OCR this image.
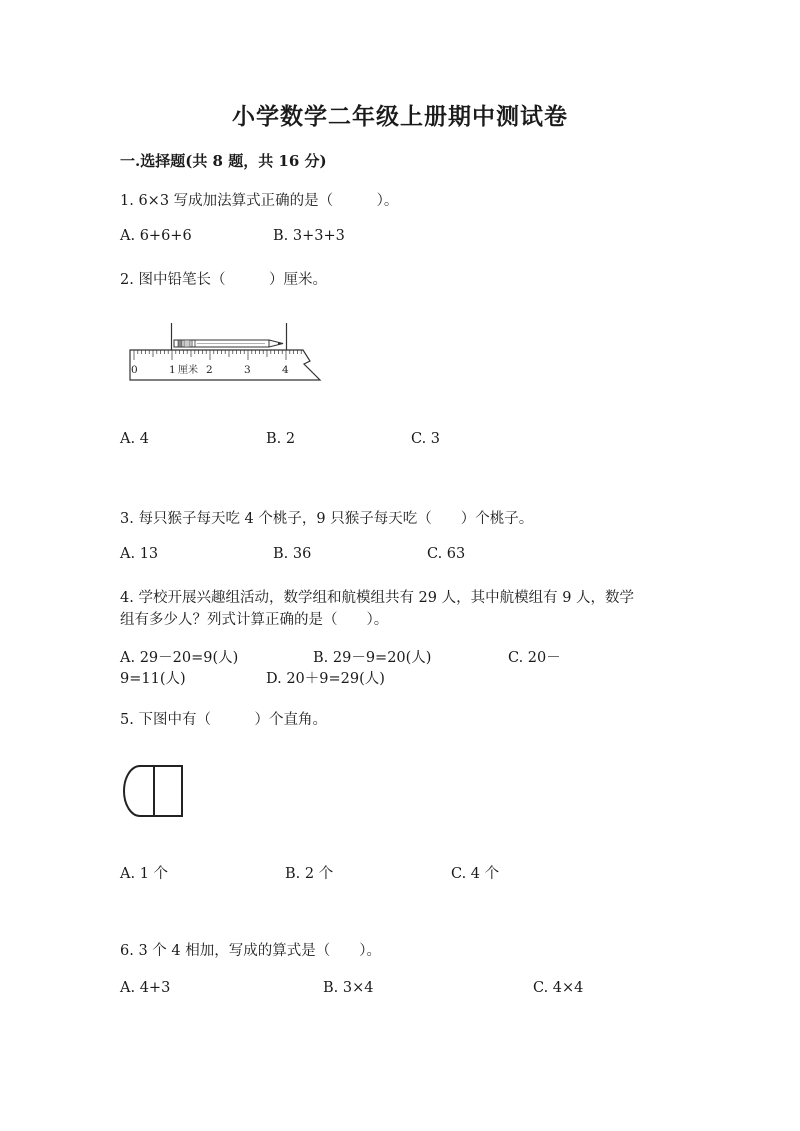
小学数学二年级上册期中测试卷
一.选择题(共 8 题，共 16 分)
1. 6×3 写成加法算式正确的是（　　　）。
A. 6+6+6	B. 3+3+3
2. 图中铅笔长（　　　）厘米。
0	1 厘米 2	3	4
A. 4	B. 2	C. 3
3. 每只猴子每天吃 4 个桃子，9 只猴子每天吃（　　）个桃子。
A. 13	B. 36	C. 63
4. 学校开展兴趣组活动，数学组和航模组共有 29 人，其中航模组有 9 人，数学
组有多少人？列式计算正确的是（　　）。
A. 29－20=9(人)	B. 29－9=20(人)	C. 20－
9=11(人)	D. 20＋9=29(人)
5. 下图中有（　　　）个直角。
A. 1 个	B. 2 个	C. 4 个
6. 3 个 4 相加，写成的算式是（　　）。
A. 4+3	B. 3×4	C. 4×4
